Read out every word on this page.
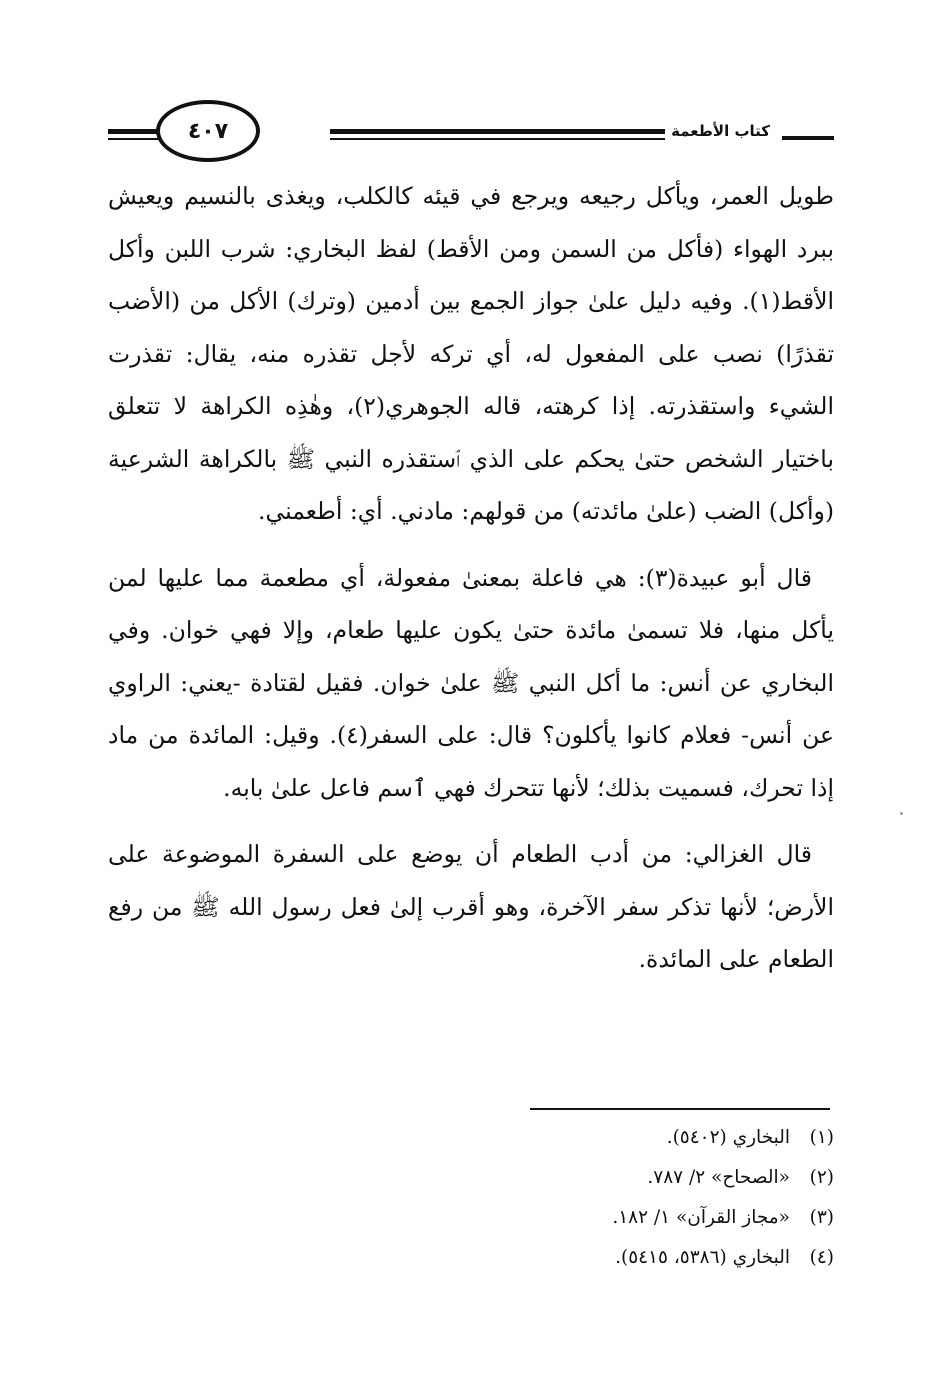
٤٠٧	كتاب الأطعمة

طويل العمر، ويأكل رجيعه ويرجع في قيئه كالكلب، ويغذى بالنسيم ويعيش ببرد الهواء (فأكل من السمن ومن الأقط) لفظ البخاري: شرب اللبن وأكل الأقط(١). وفيه دليل علىٰ جواز الجمع بين أدمين (وترك) الأكل من (الأضب تقذرًا) نصب على المفعول له، أي تركه لأجل تقذره منه، يقال: تقذرت الشيء واستقذرته. إذا كرهته، قاله الجوهري(٢)، وهٰذِه الكراهة لا تتعلق باختيار الشخص حتىٰ يحكم على الذي ٱستقذره النبي ﷺ بالكراهة الشرعية (وأكل) الضب (علىٰ مائدته) من قولهم: مادني. أي: أطعمني.

قال أبو عبيدة(٣): هي فاعلة بمعنىٰ مفعولة، أي مطعمة مما عليها لمن يأكل منها، فلا تسمىٰ مائدة حتىٰ يكون عليها طعام، وإلا فهي خوان. وفي البخاري عن أنس: ما أكل النبي ﷺ علىٰ خوان. فقيل لقتادة -يعني: الراوي عن أنس- فعلام كانوا يأكلون؟ قال: على السفر(٤). وقيل: المائدة من ماد إذا تحرك، فسميت بذلك؛ لأنها تتحرك فهي ٱسم فاعل علىٰ بابه.

قال الغزالي: من أدب الطعام أن يوضع على السفرة الموضوعة على الأرض؛ لأنها تذكر سفر الآخرة، وهو أقرب إلىٰ فعل رسول الله ﷺ من رفع الطعام على المائدة.

(١)البخاري (٥٤٠٢).
(٢)«الصحاح» ٢/ ٧٨٧.
(٣)«مجاز القرآن» ١/ ١٨٢.
(٤)البخاري (٥٣٨٦، ٥٤١٥).
